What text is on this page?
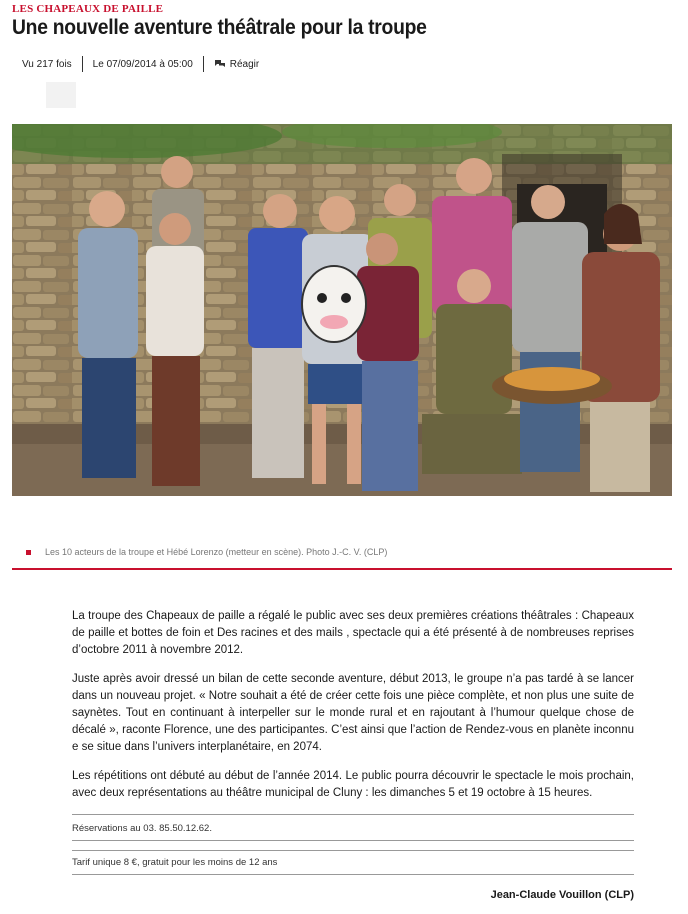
LES CHAPEAUX DE PAILLE
Une nouvelle aventure théâtrale pour la troupe
Vu 217 fois Le 07/09/2014 à 05:00	Réagir
Les 10 acteurs de la troupe et Hébé Lorenzo (metteur en scène). Photo J.-C. V. (CLP)

La troupe des Chapeaux de paille a régalé le public avec ses deux premières créations théâtrales : Chapeaux de paille et bottes de foin et Des racines et des mails , spectacle qui a été présenté à de nombreuses reprises d’octobre 2011 à novembre 2012.

Juste après avoir dressé un bilan de cette seconde aventure, début 2013, le groupe n’a pas tardé à se lancer dans un nouveau projet. « Notre souhait a été de créer cette fois une pièce complète, et non plus une suite de saynètes. Tout en continuant à interpeller sur le monde rural et en rajoutant à l’humour quelque chose de décalé », raconte Florence, une des participantes. C’est ainsi que l’action de Rendez-vous en planète inconnu e se situe dans l’univers interplanétaire, en 2074.

Les répétitions ont débuté au début de l’année 2014. Le public pourra découvrir le spectacle le mois prochain, avec deux représentations au théâtre municipal de Cluny : les dimanches 5 et 19 octobre à 15 heures.

Réservations au 03. 85.50.12.62.
Tarif unique 8 €, gratuit pour les moins de 12 ans
Jean-Claude Vouillon (CLP)
